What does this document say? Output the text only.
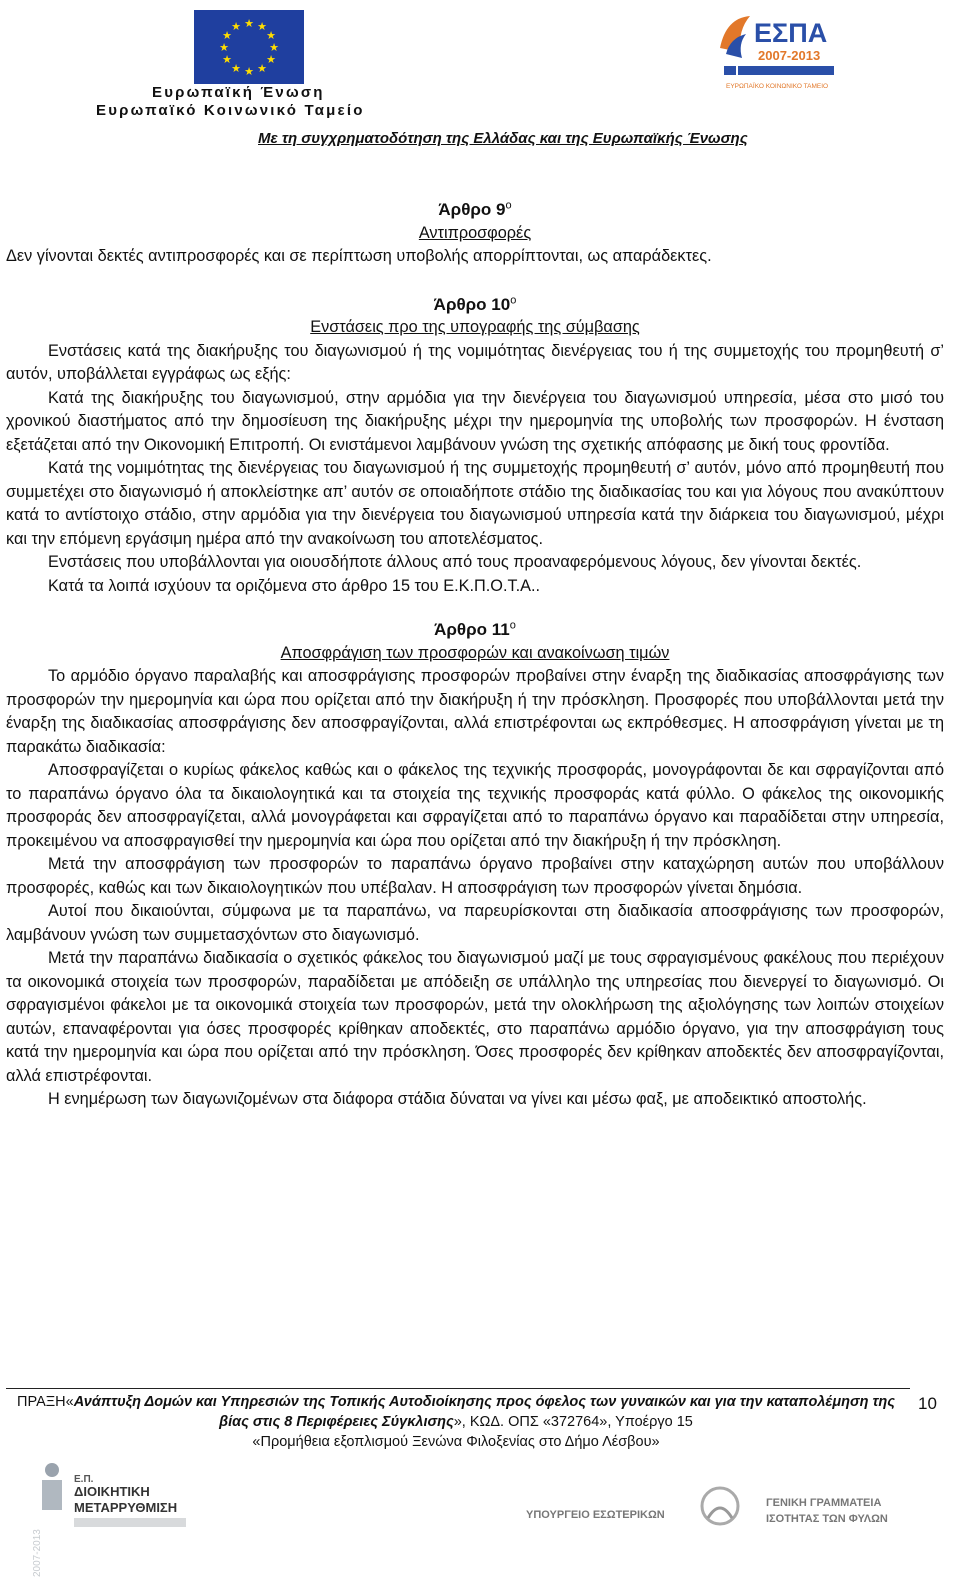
★ ★
★
★
★
★
★
★
★
★
★
★
Ευρωπαϊκή Ένωση
Ευρωπαϊκό Κοινωνικό Ταμείο
ΕΣΠΑ
2007-2013
ΕΥΡΩΠΑΪΚΟ ΚΟΙΝΩΝΙΚΟ ΤΑΜΕΙΟ
Με τη συγχρηματοδότηση της Ελλάδας και της Ευρωπαϊκής Ένωσης
Άρθρο $9^o$
Αντιπροσφορές

Δεν γίνονται δεκτές αντιπροσφορές και σε περίπτωση υποβολής απορρίπτονται, ως απαράδεκτες.

Άρθρο $10^o$
Ενστάσεις προ της υπογραφής της σύμβασης

Ενστάσεις κατά της διακήρυξης του διαγωνισμού ή της νομιμότητας διενέργειας του ή της συμμετοχής του προμηθευτή σ’ αυτόν, υποβάλλεται εγγράφως ως εξής:

Κατά της διακήρυξης του διαγωνισμού, στην αρμόδια για την διενέργεια του διαγωνισμού υπηρεσία, μέσα στο μισό του χρονικού διαστήματος από την δημοσίευση της διακήρυξης μέχρι την ημερομηνία της υποβολής των προσφορών. Η ένσταση εξετάζεται από την Οικονομική Επιτροπή. Οι ενιστάμενοι λαμβάνουν γνώση της σχετικής απόφασης με δική τους φροντίδα.

Κατά της νομιμότητας της διενέργειας του διαγωνισμού ή της συμμετοχής προμηθευτή σ’ αυτόν, μόνο από προμηθευτή που συμμετέχει στο διαγωνισμό ή αποκλείστηκε απ’ αυτόν σε οποιαδήποτε στάδιο της διαδικασίας του και για λόγους που ανακύπτουν κατά το αντίστοιχο στάδιο, στην αρμόδια για την διενέργεια του διαγωνισμού υπηρεσία κατά την διάρκεια του διαγωνισμού, μέχρι και την επόμενη εργάσιμη ημέρα από την ανακοίνωση του αποτελέσματος.

Ενστάσεις που υποβάλλονται για οιουσδήποτε άλλους από τους προαναφερόμενους λόγους, δεν γίνονται δεκτές.

Κατά τα λοιπά ισχύουν τα οριζόμενα στο άρθρο 15 του Ε.Κ.Π.Ο.Τ.Α..

Άρθρο $11^o$
Αποσφράγιση των προσφορών και ανακοίνωση τιμών

Το αρμόδιο όργανο παραλαβής και αποσφράγισης προσφορών προβαίνει στην έναρξη της διαδικασίας αποσφράγισης των προσφορών την ημερομηνία και ώρα που ορίζεται από την διακήρυξη ή την πρόσκληση. Προσφορές που υποβάλλονται μετά την έναρξη της διαδικασίας αποσφράγισης δεν αποσφραγίζονται, αλλά επιστρέφονται ως εκπρόθεσμες. Η αποσφράγιση γίνεται με τη παρακάτω διαδικασία:

Αποσφραγίζεται ο κυρίως φάκελος καθώς και ο φάκελος της τεχνικής προσφοράς, μονογράφονται δε και σφραγίζονται από το παραπάνω όργανο όλα τα δικαιολογητικά και τα στοιχεία της τεχνικής προσφοράς κατά φύλλο. Ο φάκελος της οικονομικής προσφοράς δεν αποσφραγίζεται, αλλά μονογράφεται και σφραγίζεται από το παραπάνω όργανο και παραδίδεται στην υπηρεσία, προκειμένου να αποσφραγισθεί την ημερομηνία και ώρα που ορίζεται από την διακήρυξη ή την πρόσκληση.

Μετά την αποσφράγιση των προσφορών το παραπάνω όργανο προβαίνει στην καταχώρηση αυτών που υποβάλλουν προσφορές, καθώς και των δικαιολογητικών που υπέβαλαν. Η αποσφράγιση των προσφορών γίνεται δημόσια.

Αυτοί που δικαιούνται, σύμφωνα με τα παραπάνω, να παρευρίσκονται στη διαδικασία αποσφράγισης των προσφορών, λαμβάνουν γνώση των συμμετασχόντων στο διαγωνισμό.

Μετά την παραπάνω διαδικασία ο σχετικός φάκελος του διαγωνισμού μαζί με τους σφραγισμένους φακέλους που περιέχουν τα οικονομικά στοιχεία των προσφορών, παραδίδεται με απόδειξη σε υπάλληλο της υπηρεσίας που διενεργεί το διαγωνισμό. Οι σφραγισμένοι φάκελοι με τα οικονομικά στοιχεία των προσφορών, μετά την ολοκλήρωση της αξιολόγησης των λοιπών στοιχείων αυτών, επαναφέρονται για όσες προσφορές κρίθηκαν αποδεκτές, στο παραπάνω αρμόδιο όργανο, για την αποσφράγιση τους κατά την ημερομηνία και ώρα που ορίζεται από την πρόσκληση. Όσες προσφορές δεν κρίθηκαν αποδεκτές δεν αποσφραγίζονται, αλλά επιστρέφονται.

Η ενημέρωση των διαγωνιζομένων στα διάφορα στάδια δύναται να γίνει και μέσω φαξ, με αποδεικτικό αποστολής.

ΠΡΑΞΗ«Ανάπτυξη Δομών και Υπηρεσιών της Τοπικής Αυτοδιοίκησης προς όφελος των γυναικών και για την καταπολέμηση της βίας στις 8 Περιφέρειες Σύγκλισης», ΚΩΔ. ΟΠΣ «372764», Υποέργο 15
«Προμήθεια εξοπλισμού Ξενώνα Φιλοξενίας στο Δήμο Λέσβου»
10
2007-2013
Ε.Π.
ΔΙΟΙΚΗΤΙΚΗ
ΜΕΤΑΡΡΥΘΜΙΣΗ	ΥΠΟΥΡΓΕΙΟ ΕΣΩΤΕΡΙΚΩΝ
ΓΕΝΙΚΗ ΓΡΑΜΜΑΤΕΙΑ
ΙΣΟΤΗΤΑΣ ΤΩΝ ΦΥΛΩΝ
